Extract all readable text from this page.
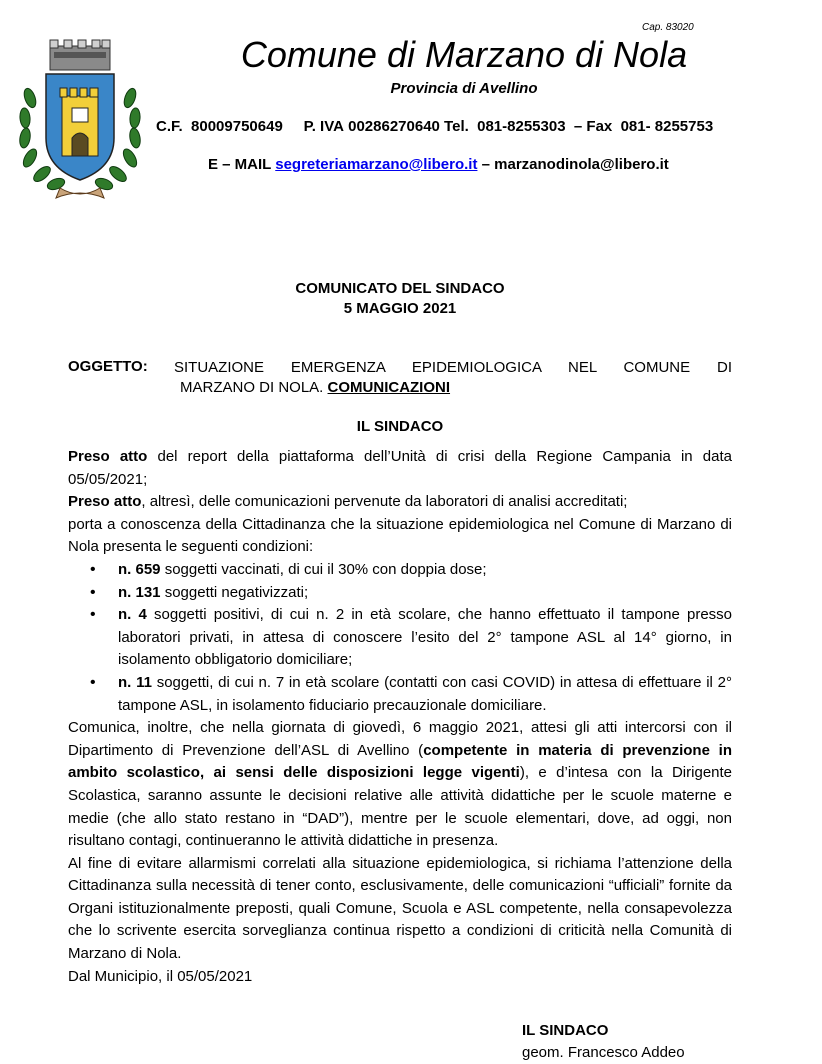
Cap. 83020
Comune di Marzano di Nola
Provincia di Avellino
C.F. 80009750649 P. IVA 00286270640 Tel. 081-8255303 – Fax 081- 8255753
E – MAIL segreteriamarzano@libero.it – marzanodinola@libero.it
COMUNICATO DEL SINDACO
5 MAGGIO 2021
OGGETTO: SITUAZIONE EMERGENZA EPIDEMIOLOGICA NEL COMUNE DI
MARZANO DI NOLA. COMUNICAZIONI
IL SINDACO

Preso atto del report della piattaforma dell’Unità di crisi della Regione Campania in data 05/05/2021;

Preso atto, altresì, delle comunicazioni pervenute da laboratori di analisi accreditati;

porta a conoscenza della Cittadinanza che la situazione epidemiologica nel Comune di Marzano di Nola presenta le seguenti condizioni:

• n. 659 soggetti vaccinati, di cui il 30% con doppia dose;
• n. 131 soggetti negativizzati;
• n. 4 soggetti positivi, di cui n. 2 in età scolare, che hanno effettuato il tampone presso laboratori privati, in attesa di conoscere l’esito del 2° tampone ASL al 14° giorno, in isolamento obbligatorio domiciliare;
• n. 11 soggetti, di cui n. 7 in età scolare (contatti con casi COVID) in attesa di effettuare il 2° tampone ASL, in isolamento fiduciario precauzionale domiciliare.

Comunica, inoltre, che nella giornata di giovedì, 6 maggio 2021, attesi gli atti intercorsi con il Dipartimento di Prevenzione dell’ASL di Avellino (competente in materia di prevenzione in ambito scolastico, ai sensi delle disposizioni legge vigenti), e d’intesa con la Dirigente Scolastica, saranno assunte le decisioni relative alle attività didattiche per le scuole materne e medie (che allo stato restano in “DAD”), mentre per le scuole elementari, dove, ad oggi, non risultano contagi, continueranno le attività didattiche in presenza.

Al fine di evitare allarmismi correlati alla situazione epidemiologica, si richiama l’attenzione della Cittadinanza sulla necessità di tener conto, esclusivamente, delle comunicazioni “ufficiali” fornite da Organi istituzionalmente preposti, quali Comune, Scuola e ASL competente, nella consapevolezza che lo scrivente esercita sorveglianza continua rispetto a condizioni di criticità nella Comunità di Marzano di Nola.

Dal Municipio, il 05/05/2021

IL SINDACO
geom. Francesco Addeo
